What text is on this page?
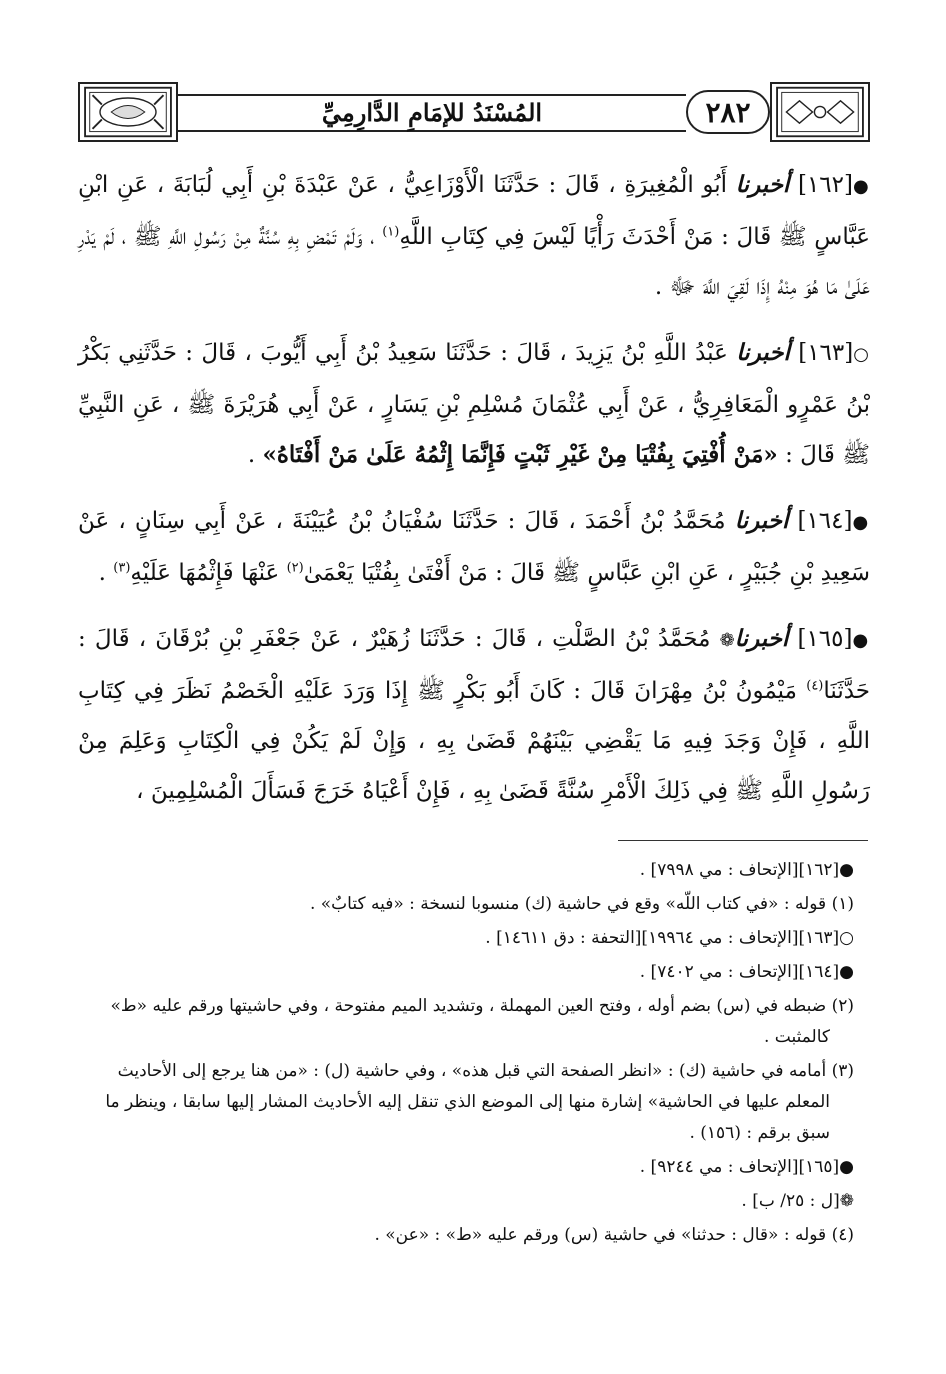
المُسْنَدُ للإمَامِ الدَّارِمِيِّ	٢٨٢

●[١٦٢] أخبرنا أَبُو الْمُغِيرَةِ ، قَالَ : حَدَّثَنَا الْأَوْزَاعِيُّ ، عَنْ عَبْدَةَ بْنِ أَبِي لُبَابَةَ ، عَنِ ابْنِ عَبَّاسٍ ﷺ قَالَ : مَنْ أَحْدَثَ رَأْيًا لَيْسَ فِي كِتَابِ اللَّهِ$^{(١)}$ ، وَلَمْ تَمْضِ بِهِ سُنَّةٌ مِنْ رَسُولِ اللَّهِ ﷺ ، لَمْ يَدْرِ عَلَىٰ مَا هُوَ مِنْهُ إِذَا لَقِيَ اللَّهَ ﷻ .

○[١٦٣] أخبرنا عَبْدُ اللَّهِ بْنُ يَزِيدَ ، قَالَ : حَدَّثَنَا سَعِيدُ بْنُ أَبِي أَيُّوبَ ، قَالَ : حَدَّثَنِي بَكْرُ بْنُ عَمْرٍو الْمَعَافِرِيُّ ، عَنْ أَبِي عُثْمَانَ مُسْلِمِ بْنِ يَسَارٍ ، عَنْ أَبِي هُرَيْرَةَ ﷺ ، عَنِ النَّبِيِّ ﷺ قَالَ : «مَنْ أُفْتِيَ بِفُتْيَا مِنْ غَيْرِ ثَبْتٍ فَإِنَّمَا إِثْمُهُ عَلَىٰ مَنْ أَفْتَاهُ» .

●[١٦٤] أخبرنا مُحَمَّدُ بْنُ أَحْمَدَ ، قَالَ : حَدَّثَنَا سُفْيَانُ بْنُ عُيَيْنَةَ ، عَنْ أَبِي سِنَانٍ ، عَنْ سَعِيدِ بْنِ جُبَيْرٍ ، عَنِ ابْنِ عَبَّاسٍ ﷺ قَالَ : مَنْ أَفْتَىٰ بِفُتْيَا يَعْمَىٰ$^{(٢)}$ عَنْهَا فَإِثْمُهَا عَلَيْهِ$^{(٣)}$ .

●[١٦٥] أخبرنا❁ مُحَمَّدُ بْنُ الصَّلْتِ ، قَالَ : حَدَّثَنَا زُهَيْرٌ ، عَنْ جَعْفَرِ بْنِ بُرْقَانَ ، قَالَ : حَدَّثَنَا$^{(٤)}$ مَيْمُونُ بْنُ مِهْرَانَ قَالَ : كَانَ أَبُو بَكْرٍ ﷺ إِذَا وَرَدَ عَلَيْهِ الْخَصْمُ نَظَرَ فِي كِتَابِ اللَّهِ ، فَإِنْ وَجَدَ فِيهِ مَا يَقْضِي بَيْنَهُمْ قَضَىٰ بِهِ ، وَإِنْ لَمْ يَكُنْ فِي الْكِتَابِ وَعَلِمَ مِنْ رَسُولِ اللَّهِ ﷺ فِي ذَلِكَ الْأَمْرِ سُنَّةً قَضَىٰ بِهِ ، فَإِنْ أَعْيَاهُ خَرَجَ فَسَأَلَ الْمُسْلِمِينَ ،

●[١٦٢][الإتحاف : مي ٧٩٩٨] .
(١) قوله : «في كتاب اللّه» وقع في حاشية (ك) منسوبا لنسخة : «فيه كتابٌ» .
○[١٦٣][الإتحاف : مي ١٩٩٦٤][التحفة : دق ١٤٦١١] .
●[١٦٤][الإتحاف : مي ٧٤٠٢] .
(٢) ضبطه في (س) بضم أوله ، وفتح العين المهملة ، وتشديد الميم مفتوحة ، وفي حاشيتها ورقم عليه «ط» كالمثبت .
(٣) أمامه في حاشية (ك) : «انظر الصفحة التي قبل هذه» ، وفي حاشية (ل) : «من هنا يرجع إلى الأحاديث المعلم عليها في الحاشية» إشارة منها إلى الموضع الذي تنقل إليه الأحاديث المشار إليها سابقا ، وينظر ما سبق برقم : (١٥٦) .
●[١٦٥][الإتحاف : مي ٩٢٤٤] .
❁[ل : ٢٥/ ب] .
(٤) قوله : «قال : حدثنا» في حاشية (س) ورقم عليه «ط» : «عن» .
